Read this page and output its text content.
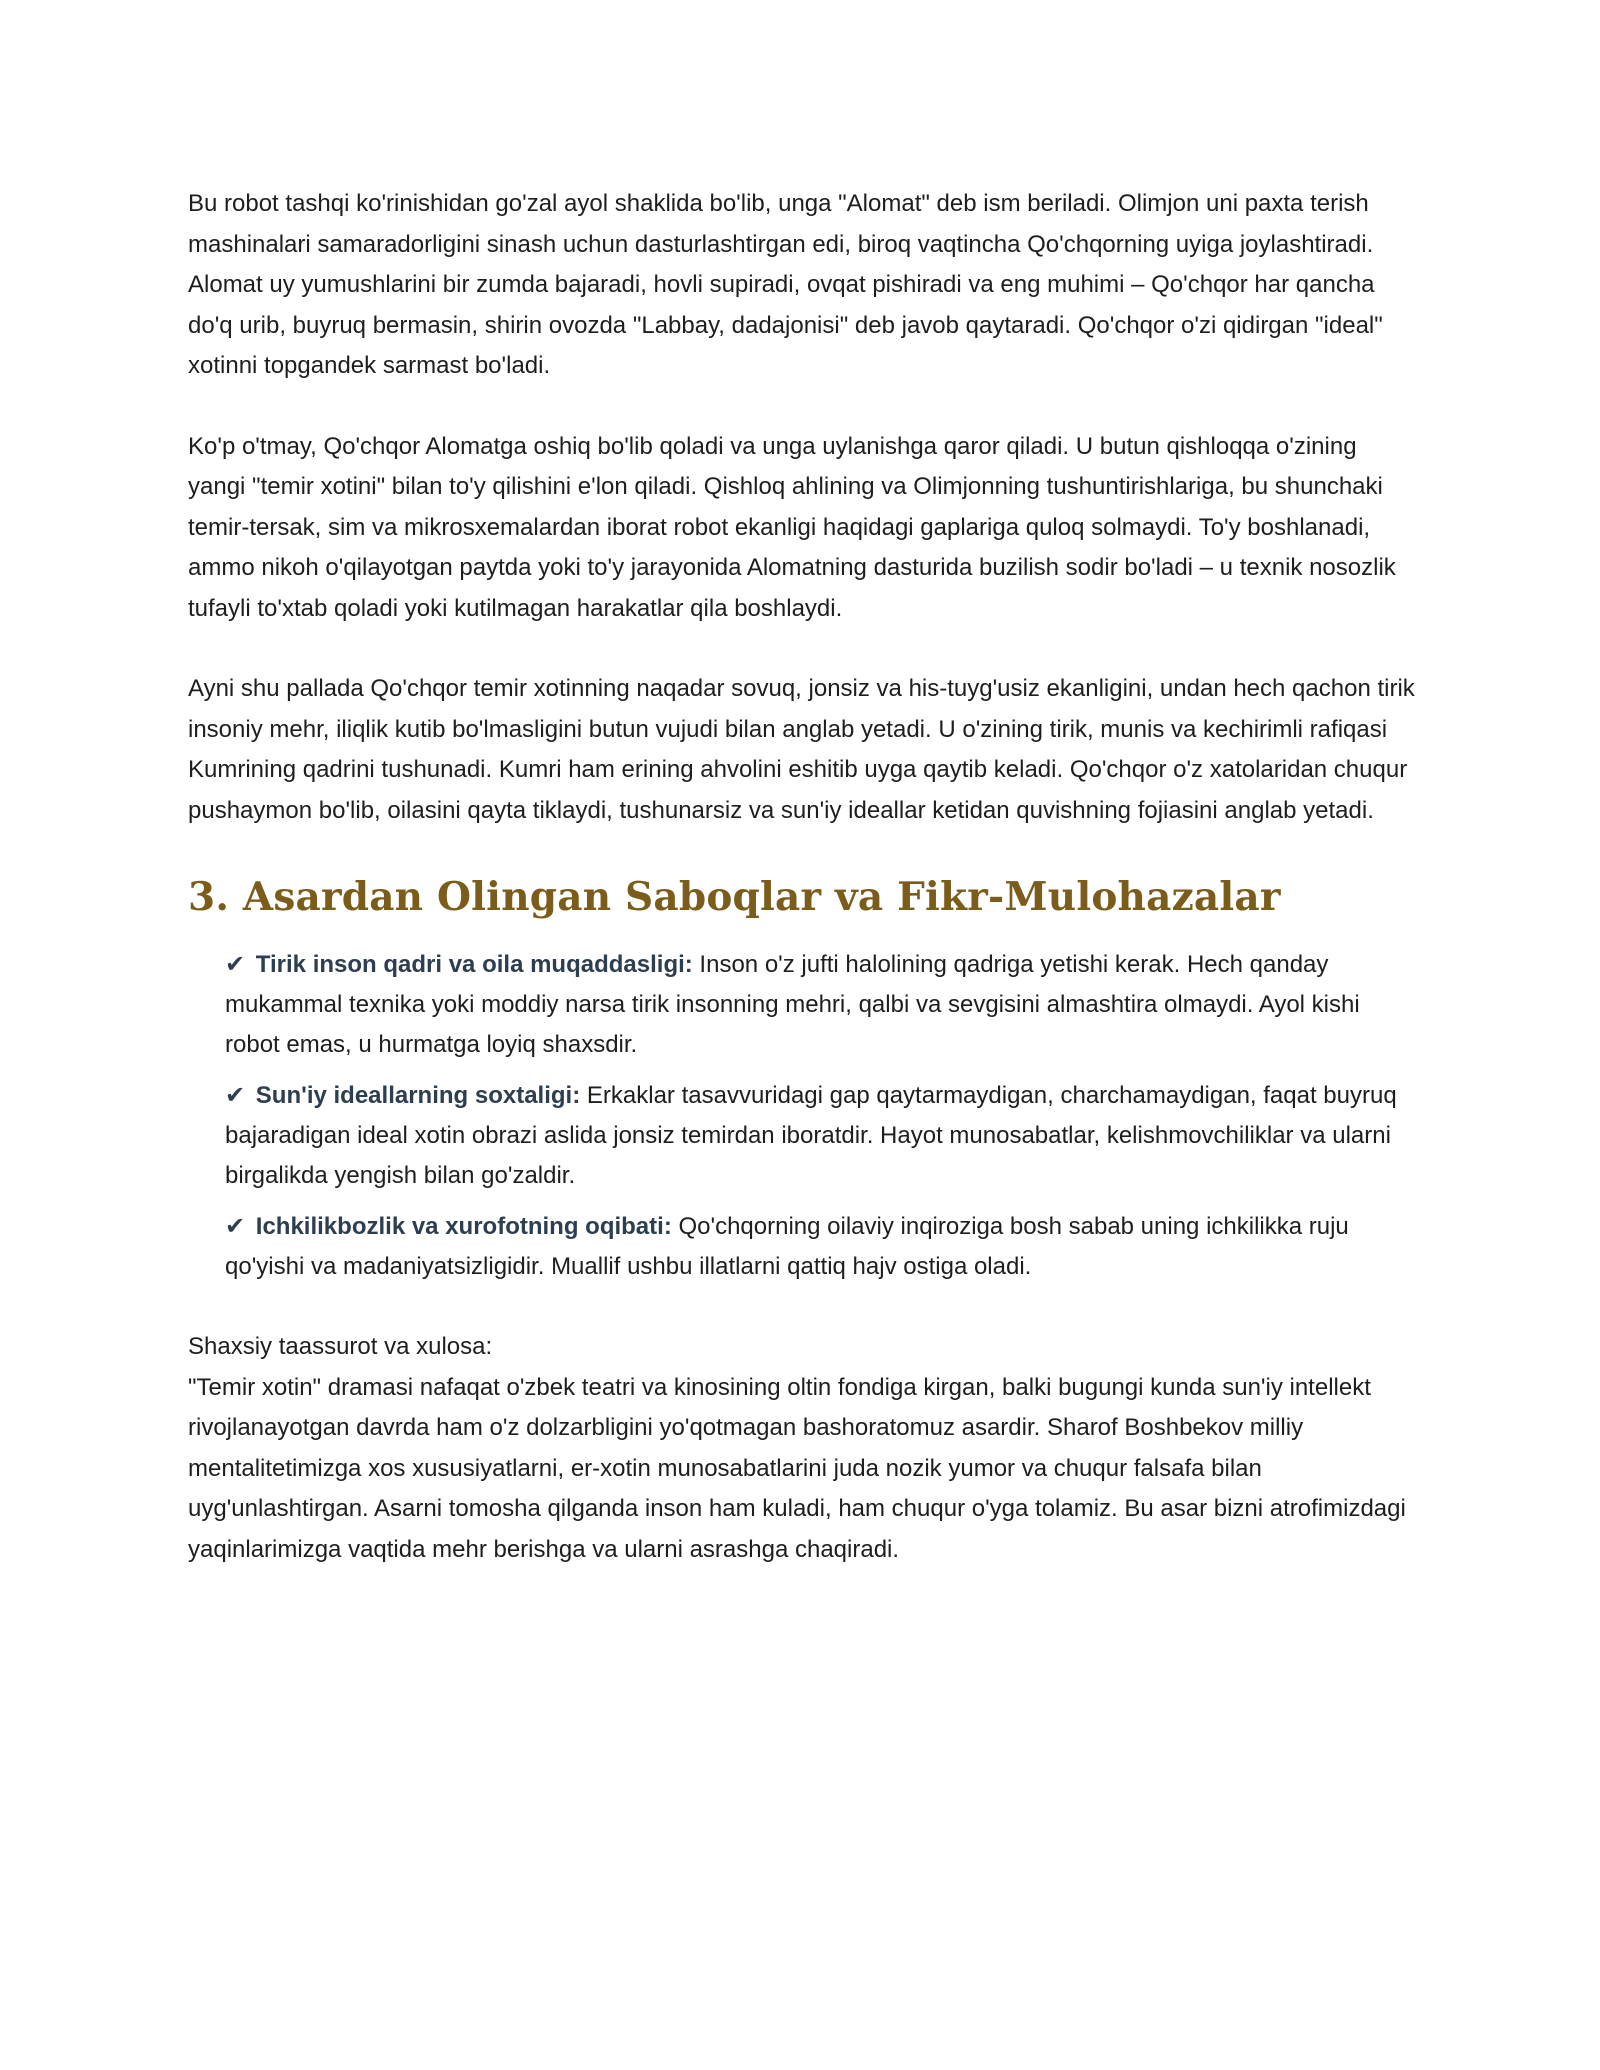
Bu robot tashqi ko'rinishidan go'zal ayol shaklida bo'lib, unga "Alomat" deb ism beriladi. Olimjon uni paxta terish mashinalari samaradorligini sinash uchun dasturlashtirgan edi, biroq vaqtincha Qo'chqorning uyiga joylashtiradi. Alomat uy yumushlarini bir zumda bajaradi, hovli supiradi, ovqat pishiradi va eng muhimi – Qo'chqor har qancha do'q urib, buyruq bermasin, shirin ovozda "Labbay, dadajonisi" deb javob qaytaradi. Qo'chqor o'zi qidirgan "ideal" xotinni topgandek sarmast bo'ladi.

Ko'p o'tmay, Qo'chqor Alomatga oshiq bo'lib qoladi va unga uylanishga qaror qiladi. U butun qishloqqa o'zining yangi "temir xotini" bilan to'y qilishini e'lon qiladi. Qishloq ahlining va Olimjonning tushuntirishlariga, bu shunchaki temir-tersak, sim va mikrosxemalardan iborat robot ekanligi haqidagi gaplariga quloq solmaydi. To'y boshlanadi, ammo nikoh o'qilayotgan paytda yoki to'y jarayonida Alomatning dasturida buzilish sodir bo'ladi – u texnik nosozlik tufayli to'xtab qoladi yoki kutilmagan harakatlar qila boshlaydi.

Ayni shu pallada Qo'chqor temir xotinning naqadar sovuq, jonsiz va his-tuyg'usiz ekanligini, undan hech qachon tirik insoniy mehr, iliqlik kutib bo'lmasligini butun vujudi bilan anglab yetadi. U o'zining tirik, munis va kechirimli rafiqasi Kumrining qadrini tushunadi. Kumri ham erining ahvolini eshitib uyga qaytib keladi. Qo'chqor o'z xatolaridan chuqur pushaymon bo'lib, oilasini qayta tiklaydi, tushunarsiz va sun'iy ideallar ketidan quvishning fojiasini anglab yetadi.

3. Asardan Olingan Saboqlar va Fikr-Mulohazalar
✔ Tirik inson qadri va oila muqaddasligi: Inson o'z jufti halolining qadriga yetishi kerak. Hech qanday mukammal texnika yoki moddiy narsa tirik insonning mehri, qalbi va sevgisini almashtira olmaydi. Ayol kishi robot emas, u hurmatga loyiq shaxsdir.
✔ Sun'iy ideallarning soxtaligi: Erkaklar tasavvuridagi gap qaytarmaydigan, charchamaydigan, faqat buyruq bajaradigan ideal xotin obrazi aslida jonsiz temirdan iboratdir. Hayot munosabatlar, kelishmovchiliklar va ularni birgalikda yengish bilan go'zaldir.
✔ Ichkilikbozlik va xurofotning oqibati: Qo'chqorning oilaviy inqiroziga bosh sabab uning ichkilikka ruju qo'yishi va madaniyatsizligidir. Muallif ushbu illatlarni qattiq hajv ostiga oladi.
Shaxsiy taassurot va xulosa:
"Temir xotin" dramasi nafaqat o'zbek teatri va kinosining oltin fondiga kirgan, balki bugungi kunda sun'iy intellekt rivojlanayotgan davrda ham o'z dolzarbligini yo'qotmagan bashoratomuz asardir. Sharof Boshbekov milliy mentalitetimizga xos xususiyatlarni, er-xotin munosabatlarini juda nozik yumor va chuqur falsafa bilan uyg'unlashtirgan. Asarni tomosha qilganda inson ham kuladi, ham chuqur o'yga tolamiz. Bu asar bizni atrofimizdagi yaqinlarimizga vaqtida mehr berishga va ularni asrashga chaqiradi.
